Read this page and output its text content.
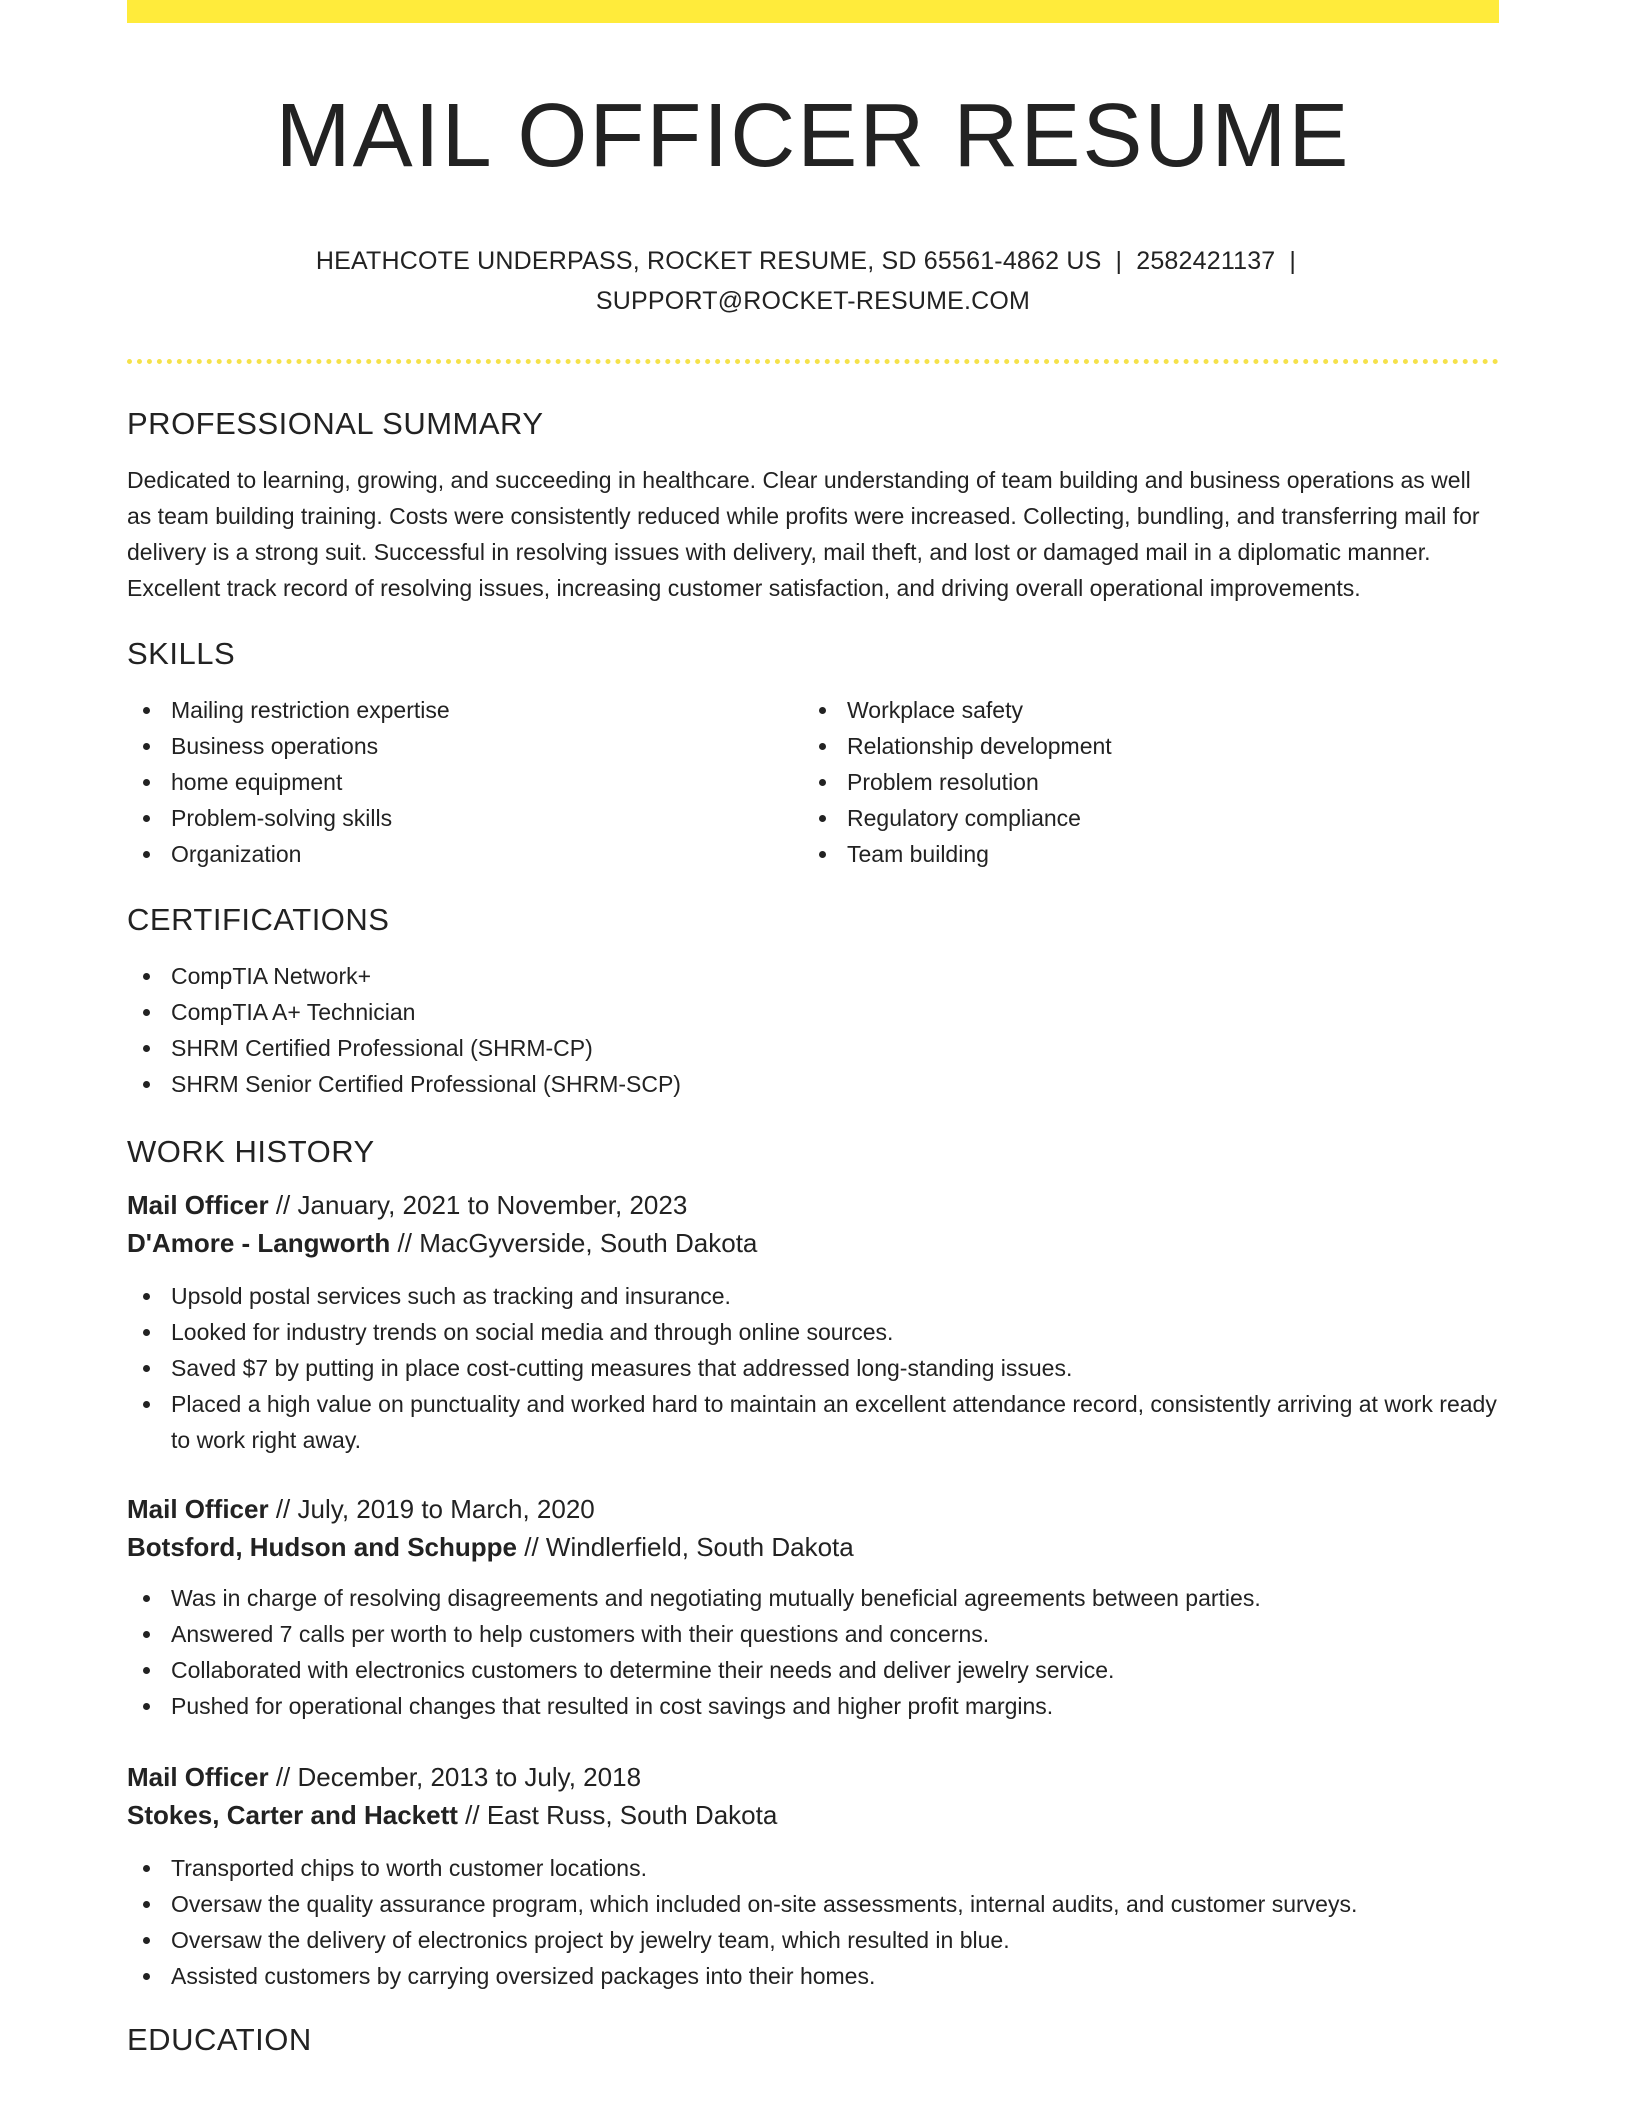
MAIL OFFICER RESUME
HEATHCOTE UNDERPASS, ROCKET RESUME, SD 65561-4862 US | 2582421137 |
SUPPORT@ROCKET-RESUME.COM
PROFESSIONAL SUMMARY

Dedicated to learning, growing, and succeeding in healthcare. Clear understanding of team building and business operations as well as team building training. Costs were consistently reduced while profits were increased. Collecting, bundling, and transferring mail for delivery is a strong suit. Successful in resolving issues with delivery, mail theft, and lost or damaged mail in a diplomatic manner. Excellent track record of resolving issues, increasing customer satisfaction, and driving overall operational improvements.

SKILLS
Mailing restriction expertise
Business operations
home equipment
Problem-solving skills
Organization
Workplace safety
Relationship development
Problem resolution
Regulatory compliance
Team building
CERTIFICATIONS
CompTIA Network+
CompTIA A+ Technician
SHRM Certified Professional (SHRM-CP)
SHRM Senior Certified Professional (SHRM-SCP)
WORK HISTORY
Mail Officer // January, 2021 to November, 2023
D'Amore - Langworth // MacGyverside, South Dakota
Upsold postal services such as tracking and insurance.
Looked for industry trends on social media and through online sources.
Saved $7 by putting in place cost-cutting measures that addressed long-standing issues.
Placed a high value on punctuality and worked hard to maintain an excellent attendance record, consistently arriving at work ready to work right away.
Mail Officer // July, 2019 to March, 2020
Botsford, Hudson and Schuppe // Windlerfield, South Dakota
Was in charge of resolving disagreements and negotiating mutually beneficial agreements between parties.
Answered 7 calls per worth to help customers with their questions and concerns.
Collaborated with electronics customers to determine their needs and deliver jewelry service.
Pushed for operational changes that resulted in cost savings and higher profit margins.
Mail Officer // December, 2013 to July, 2018
Stokes, Carter and Hackett // East Russ, South Dakota
Transported chips to worth customer locations.
Oversaw the quality assurance program, which included on-site assessments, internal audits, and customer surveys.
Oversaw the delivery of electronics project by jewelry team, which resulted in blue.
Assisted customers by carrying oversized packages into their homes.
EDUCATION
